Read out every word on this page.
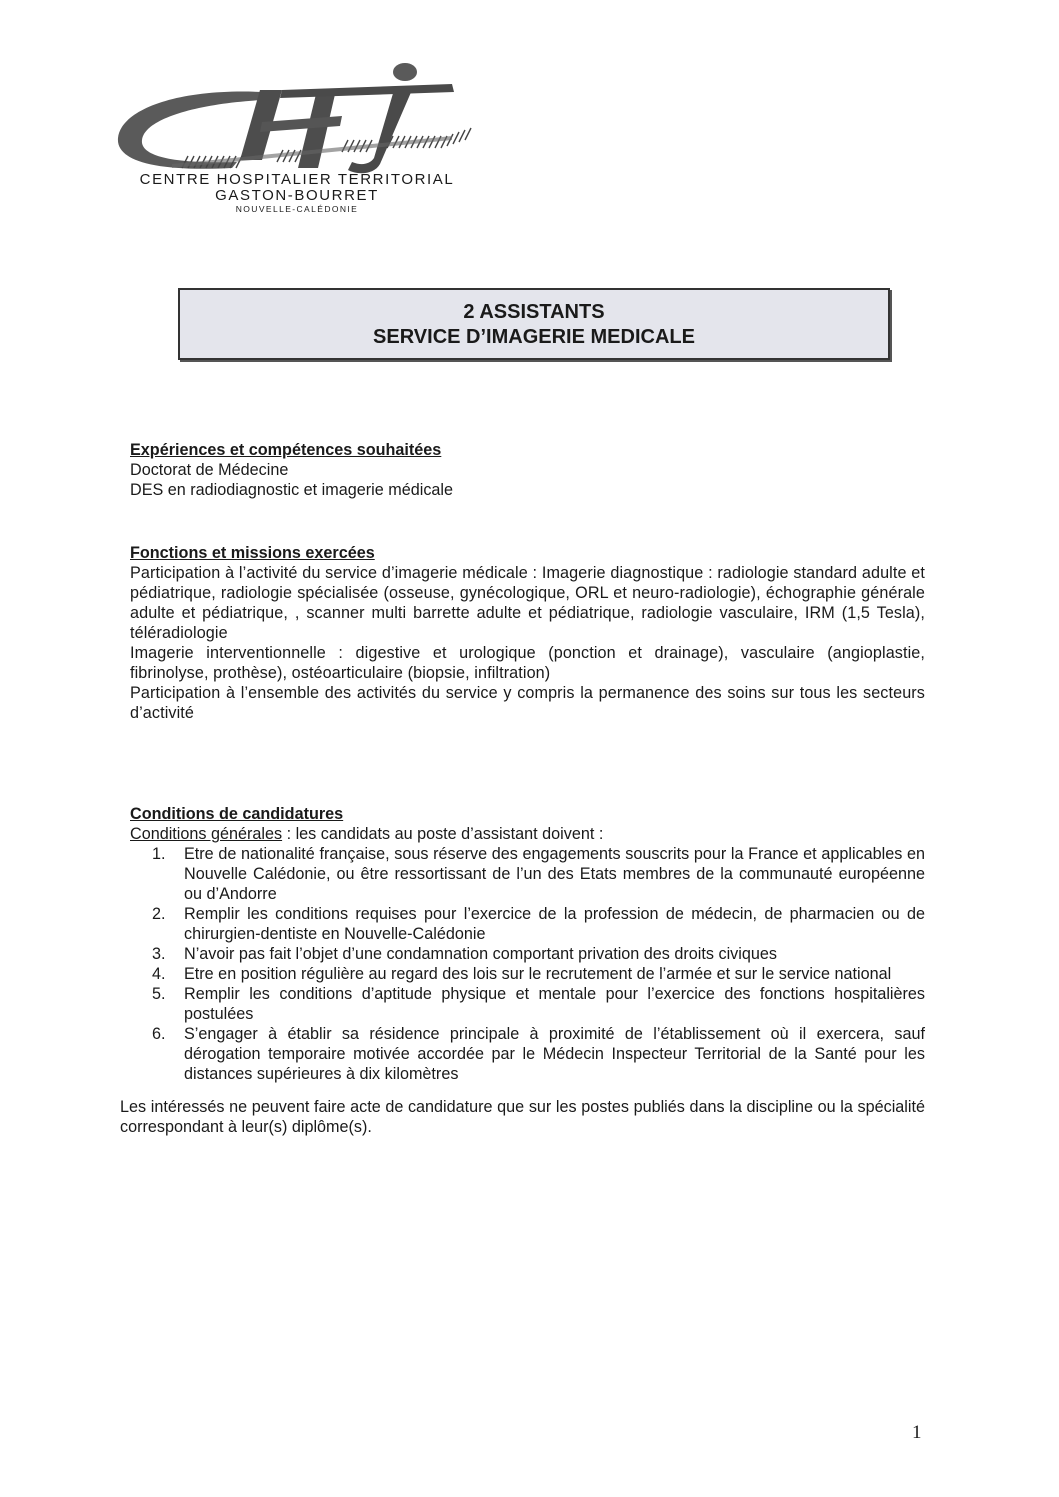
CENTRE HOSPITALIER TERRITORIAL
GASTON-BOURRET
NOUVELLE-CALÉDONIE
2 ASSISTANTS
SERVICE D’IMAGERIE MEDICALE
Expériences et compétences souhaitées
Doctorat de Médecine
DES en radiodiagnostic et imagerie médicale
Fonctions et missions exercées
Participation à l’activité du service d’imagerie médicale : Imagerie diagnostique : radiologie standard adulte et pédiatrique, radiologie spécialisée (osseuse, gynécologique, ORL et neuro-radiologie), échographie générale adulte et pédiatrique, , scanner multi barrette adulte et pédiatrique, radiologie vasculaire, IRM (1,5 Tesla), téléradiologie
Imagerie interventionnelle : digestive et urologique (ponction et drainage), vasculaire (angioplastie, fibrinolyse, prothèse), ostéoarticulaire (biopsie, infiltration)
Participation à l’ensemble des activités du service y compris la permanence des soins sur tous les secteurs d’activité
Conditions de candidatures
Conditions générales : les candidats au poste d’assistant doivent :
1. Etre de nationalité française, sous réserve des engagements souscrits pour la France et applicables en Nouvelle Calédonie, ou être ressortissant de l’un des Etats membres de la communauté européenne ou d’Andorre
2. Remplir les conditions requises pour l’exercice de la profession de médecin, de pharmacien ou de chirurgien-dentiste en Nouvelle-Calédonie
3. N’avoir pas fait l’objet d’une condamnation comportant privation des droits civiques
4. Etre en position régulière au regard des lois sur le recrutement de l’armée et sur le service national
5. Remplir les conditions d’aptitude physique et mentale pour l’exercice des fonctions hospitalières postulées
6. S’engager à établir sa résidence principale à proximité de l’établissement où il exercera, sauf dérogation temporaire motivée accordée par le Médecin Inspecteur Territorial de la Santé pour les distances supérieures à dix kilomètres
Les intéressés ne peuvent faire acte de candidature que sur les postes publiés dans la discipline ou la spécialité correspondant à leur(s) diplôme(s).
1
